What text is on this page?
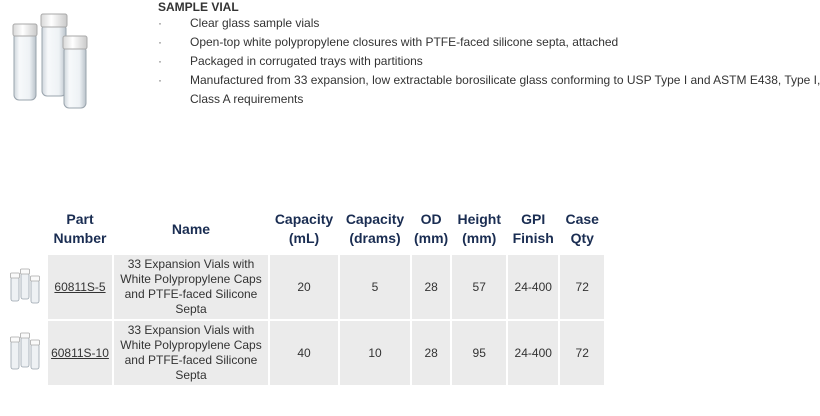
SAMPLE VIAL
· Clear glass sample vials
· Open-top white polypropylene closures with PTFE-faced silicone septa, attached
· Packaged in corrugated trays with partitions
· Manufactured from 33 expansion, low extractable borosilicate glass conforming to USP Type I and ASTM E438, Type I, Class A requirements
	Part Number	Name	Capacity (mL)	Capacity (drams)	OD (mm)	Height (mm)	GPI Finish	Case Qty
	60811S-5	33 Expansion Vials with White Polypropylene Caps and PTFE-faced Silicone Septa	20	5	28	57	24-400	72
	60811S-10	33 Expansion Vials with White Polypropylene Caps and PTFE-faced Silicone Septa	40	10	28	95	24-400	72
